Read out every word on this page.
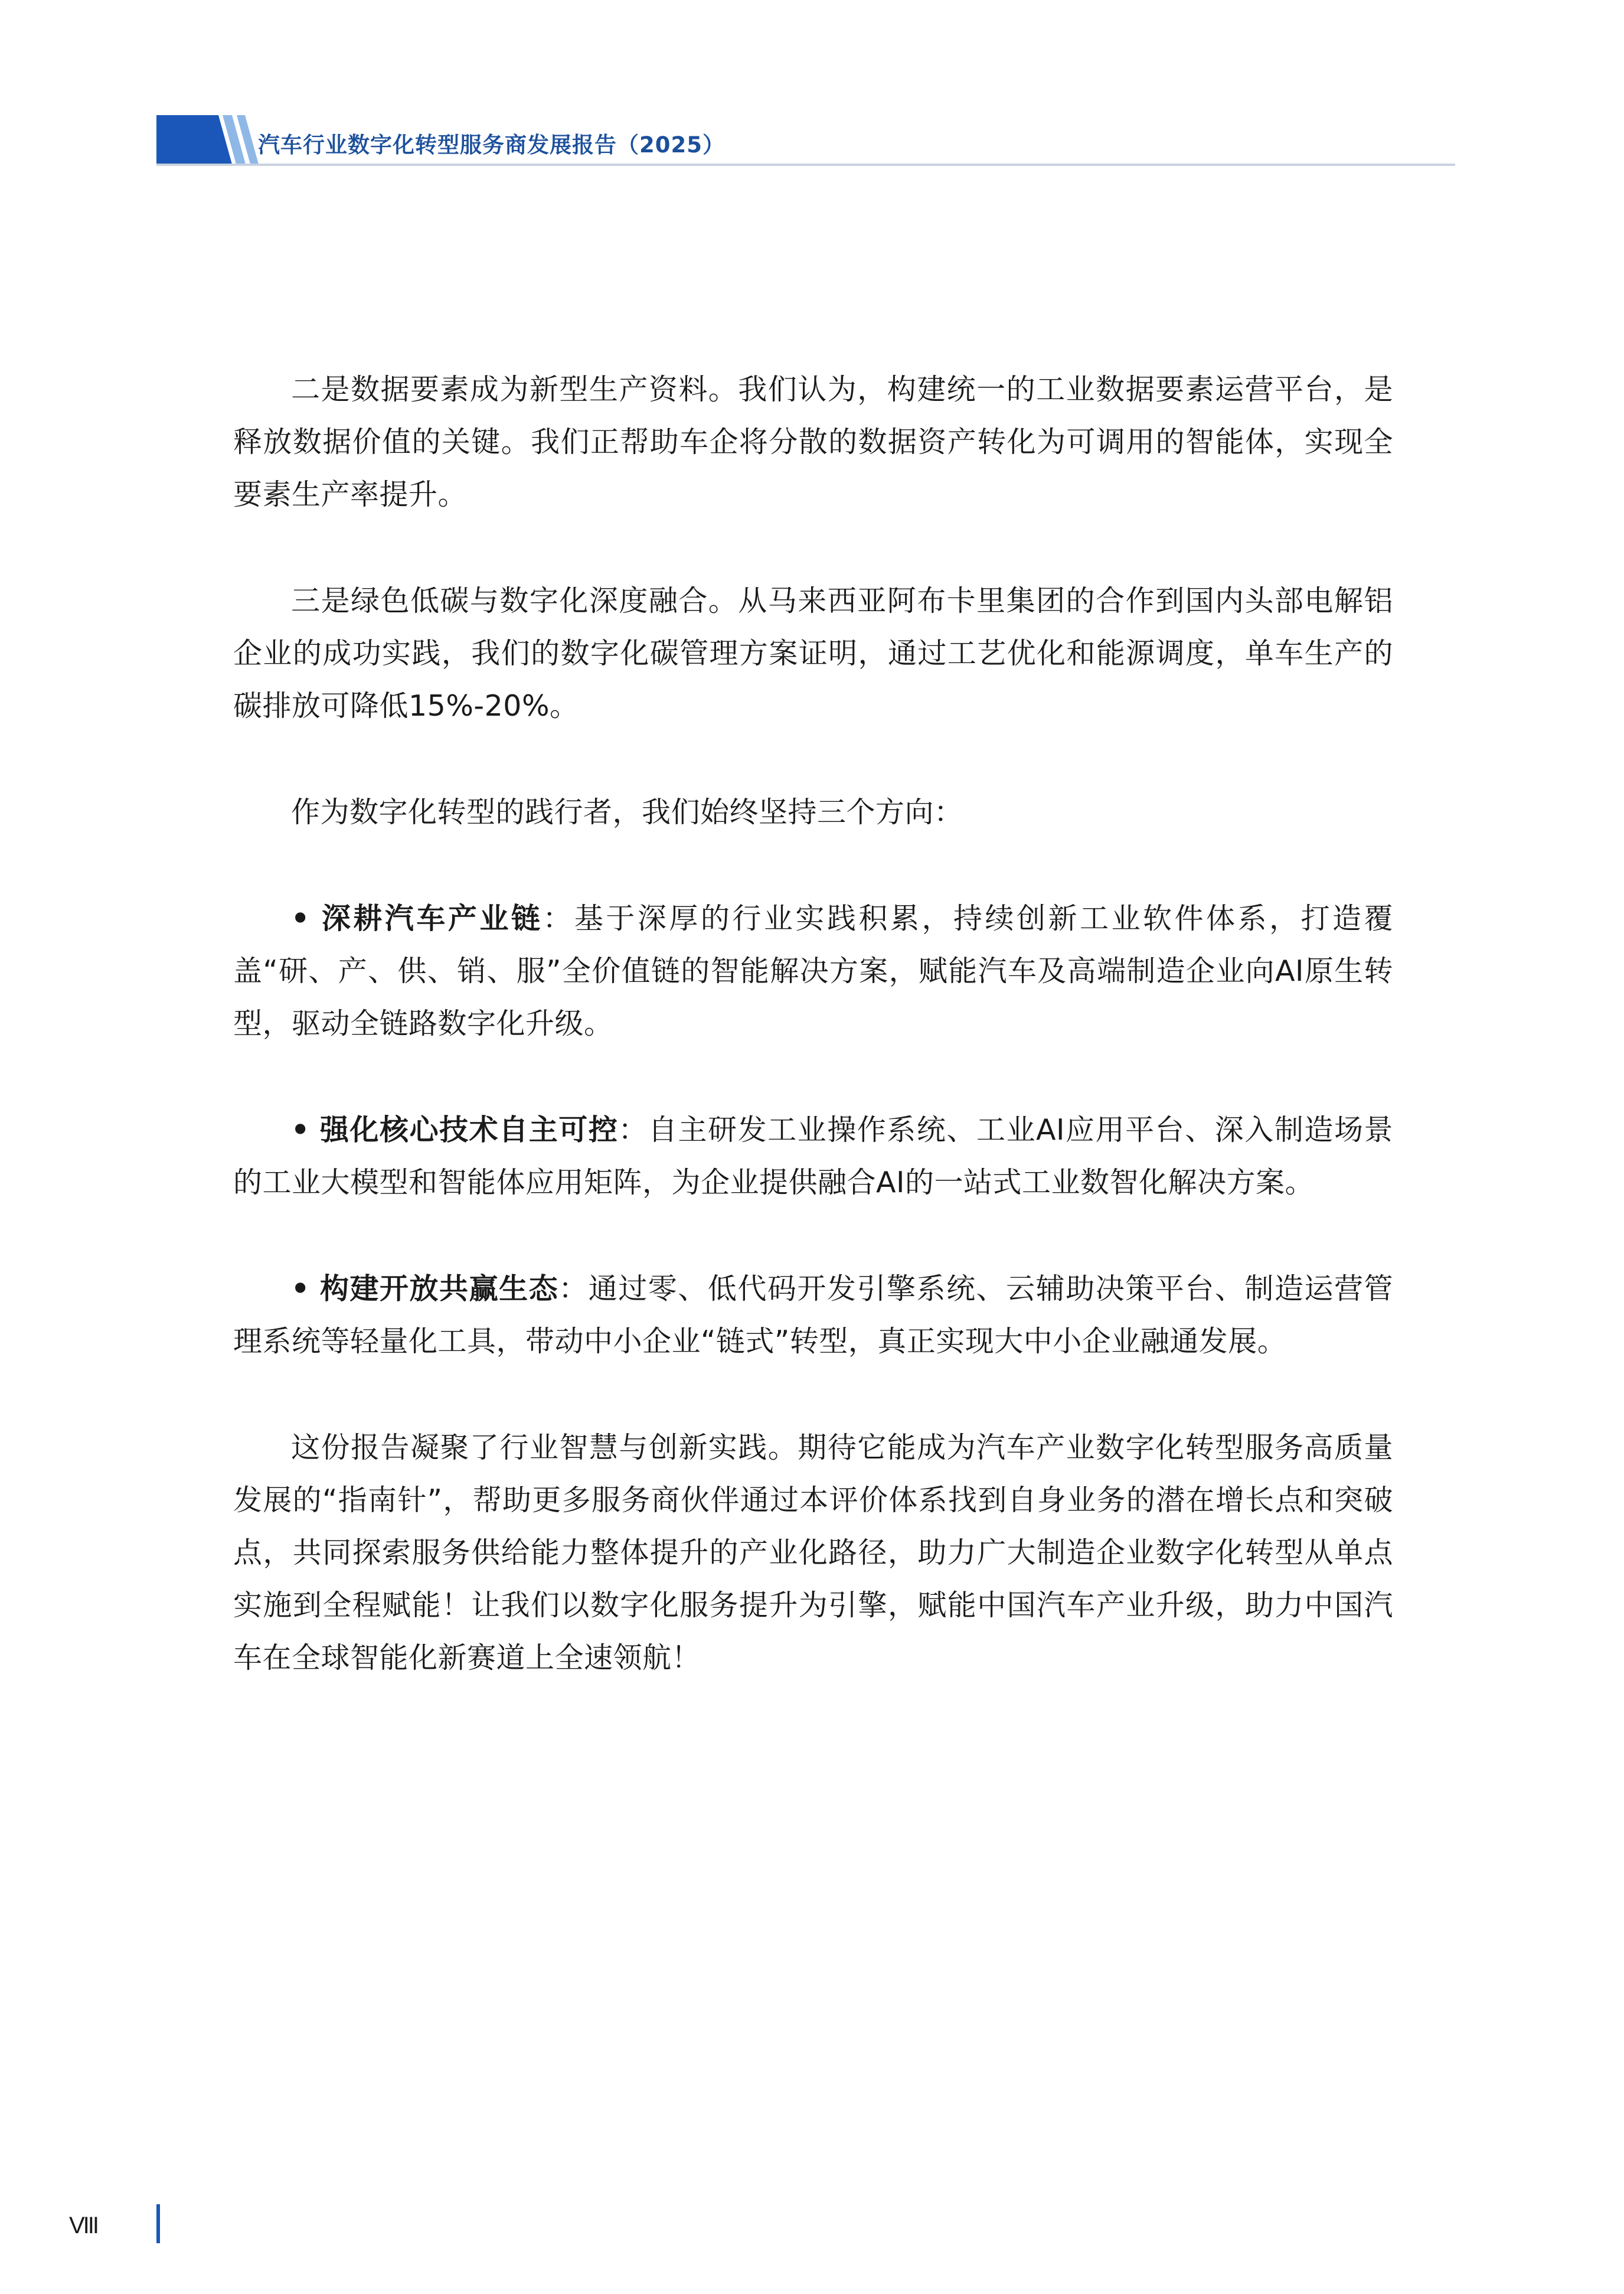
汽车行业数字化转型服务商发展报告（2025）

二是数据要素成为新型生产资料。我们认为，构建统一的工业数据要素运营平台，是释放数据价值的关键。我们正帮助车企将分散的数据资产转化为可调用的智能体，实现全要素生产率提升。

三是绿色低碳与数字化深度融合。从马来西亚阿布卡里集团的合作到国内头部电解铝企业的成功实践，我们的数字化碳管理方案证明，通过工艺优化和能源调度，单车生产的碳排放可降低15%-20%。

作为数字化转型的践行者，我们始终坚持三个方向：

• 深耕汽车产业链：基于深厚的行业实践积累，持续创新工业软件体系，打造覆盖“研、产、供、销、服”全价值链的智能解决方案，赋能汽车及高端制造企业向AI原生转型，驱动全链路数字化升级。

• 强化核心技术自主可控：自主研发工业操作系统、工业AI应用平台、深入制造场景的工业大模型和智能体应用矩阵，为企业提供融合AI的一站式工业数智化解决方案。

• 构建开放共赢生态：通过零、低代码开发引擎系统、云辅助决策平台、制造运营管理系统等轻量化工具，带动中小企业“链式”转型，真正实现大中小企业融通发展。

这份报告凝聚了行业智慧与创新实践。期待它能成为汽车产业数字化转型服务高质量发展的“指南针”，帮助更多服务商伙伴通过本评价体系找到自身业务的潜在增长点和突破点，共同探索服务供给能力整体提升的产业化路径，助力广大制造企业数字化转型从单点实施到全程赋能！让我们以数字化服务提升为引擎，赋能中国汽车产业升级，助力中国汽车在全球智能化新赛道上全速领航！

VIII
